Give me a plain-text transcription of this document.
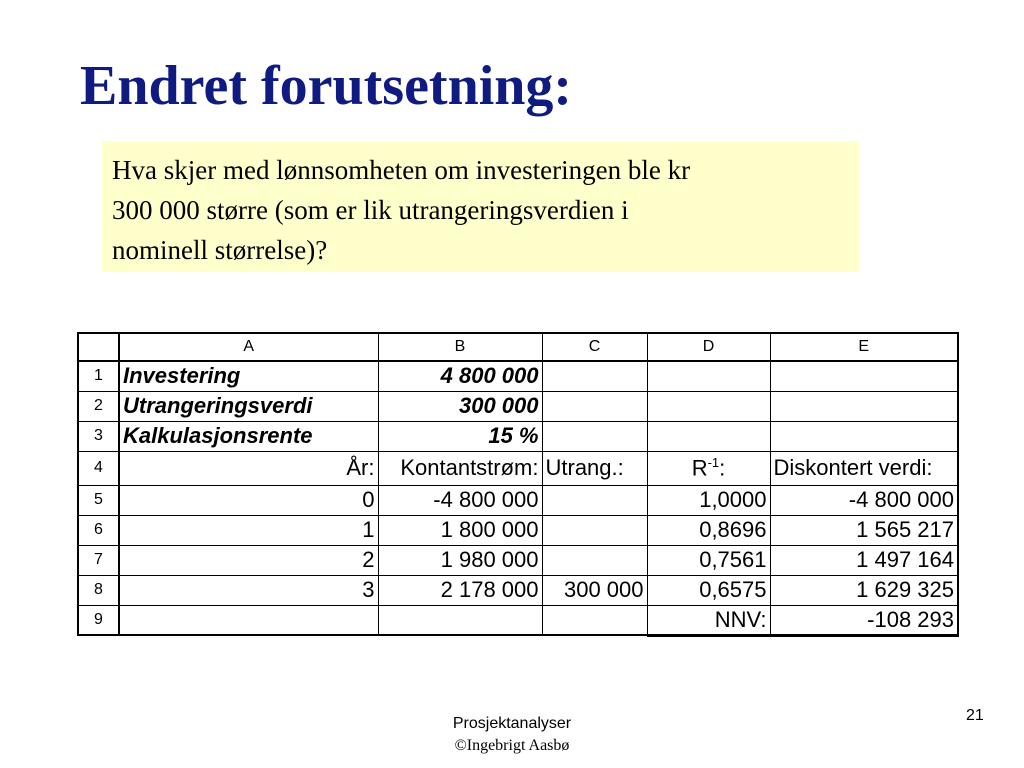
Endret forutsetning:
Hva skjer med lønnsomheten om investeringen ble kr
300 000 større (som er lik utrangeringsverdien i
nominell størrelse)?
	A	B	C	D	E
1	Investering	4 800 000			
2	Utrangeringsverdi	300 000			
3	Kalkulasjonsrente	15 %			
4	År:	Kontantstrøm:	Utrang.:	$R^{-1}$:	Diskontert verdi:
5	0	-4 800 000		1,0000	-4 800 000
6	1	1 800 000		0,8696	1 565 217
7	2	1 980 000		0,7561	1 497 164
8	3	2 178 000	300 000	0,6575	1 629 325
9				NNV:	-108 293
Prosjektanalyser
©Ingebrigt Aasbø
21
